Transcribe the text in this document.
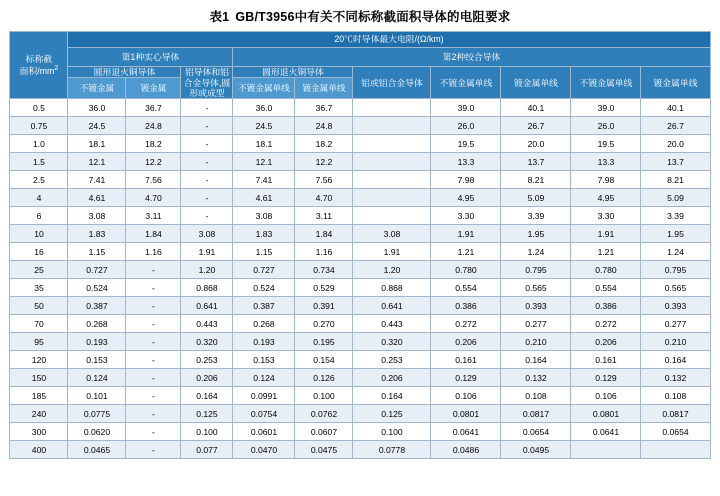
表1 GB/T3956中有关不同标称截面积导体的电阻要求
标称截
面积$/mm^2$	20℃时导体最大电阻/(Ω/km)									
	第1种实心导体			第2种绞合导体						
	圆形退火铜导体		铝导体和铝合金导体,圆形或成型	圆形退火铜导体		铝或铝合金导体	不镀金属单线	镀金属单线	不镀金属单线	镀金属单线
	不镀金属	镀金属		不镀金属单线	镀金属单线					
0.5	36.0	36.7	-	36.0	36.7		39.0	40.1	39.0	40.1
0.75	24.5	24.8	-	24.5	24.8		26.0	26.7	26.0	26.7
1.0	18.1	18.2	-	18.1	18.2		19.5	20.0	19.5	20.0
1.5	12.1	12.2	-	12.1	12.2		13.3	13.7	13.3	13.7
2.5	7.41	7.56	-	7.41	7.56		7.98	8.21	7.98	8.21
4	4.61	4.70	-	4.61	4.70		4.95	5.09	4.95	5.09
6	3.08	3.11	-	3.08	3.11		3.30	3.39	3.30	3.39
10	1.83	1.84	3.08	1.83	1.84	3.08	1.91	1.95	1.91	1.95
16	1.15	1.16	1.91	1.15	1.16	1.91	1.21	1.24	1.21	1.24
25	0.727	-	1.20	0.727	0.734	1.20	0.780	0.795	0.780	0.795
35	0.524	-	0.868	0.524	0.529	0.868	0.554	0.565	0.554	0.565
50	0.387	-	0.641	0.387	0.391	0.641	0.386	0.393	0.386	0.393
70	0.268	-	0.443	0.268	0.270	0.443	0.272	0.277	0.272	0.277
95	0.193	-	0.320	0.193	0.195	0.320	0.206	0.210	0.206	0.210
120	0.153	-	0.253	0.153	0.154	0.253	0.161	0.164	0.161	0.164
150	0.124	-	0.206	0.124	0.126	0.206	0.129	0.132	0.129	0.132
185	0.101	-	0.164	0.0991	0.100	0.164	0.106	0.108	0.106	0.108
240	0.0775	-	0.125	0.0754	0.0762	0.125	0.0801	0.0817	0.0801	0.0817
300	0.0620	-	0.100	0.0601	0.0607	0.100	0.0641	0.0654	0.0641	0.0654
400	0.0465	-	0.077	0.0470	0.0475	0.0778	0.0486	0.0495		
